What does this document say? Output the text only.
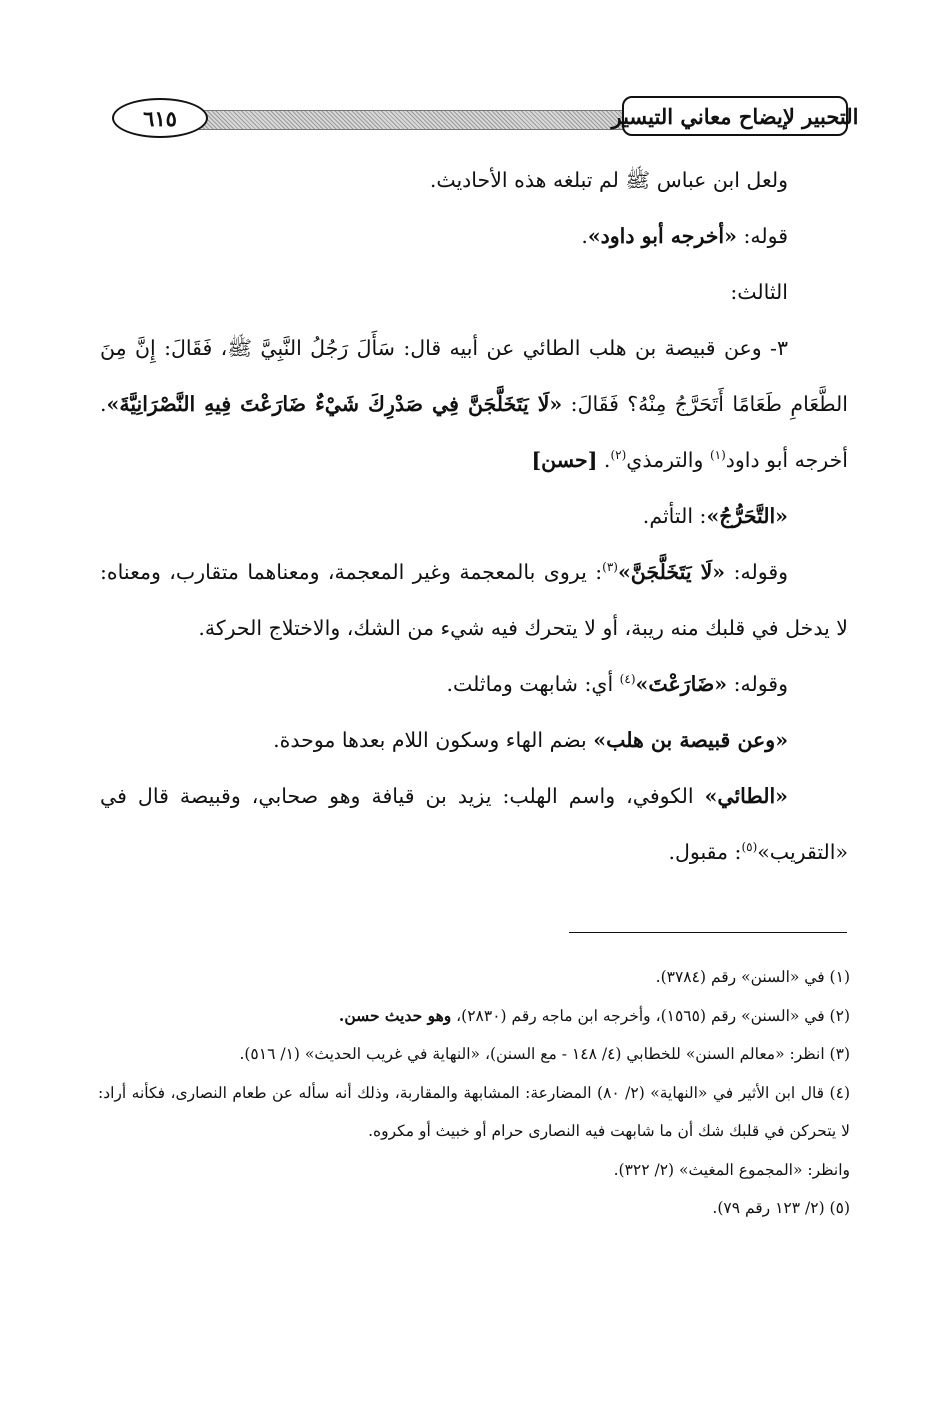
٦١٥	التحبير لإيضاح معاني التيسير

ولعل ابن عباس ﷺ لم تبلغه هذه الأحاديث.

قوله: «أخرجه أبو داود».

الثالث:

٣- وعن قبيصة بن هلب الطائي عن أبيه قال: سَأَلَ رَجُلُ النَّبِيَّ ﷺ، فَقَالَ: إِنَّ مِنَ الطَّعَامِ طَعَامًا أَتَحَرَّجُ مِنْهُ؟ فَقَالَ: «لَا يَتَخَلَّجَنَّ فِي صَدْرِكَ شَيْءٌ ضَارَعْتَ فِيهِ النَّصْرَانِيَّةَ». أخرجه أبو داود$^{(١)}$ والترمذي$^{(٢)}$. [حسن]

«التَّحَرُّجُ»: التأثم.

وقوله: «لَا يَتَخَلَّجَنَّ»$^{(٣)}$: يروى بالمعجمة وغير المعجمة، ومعناهما متقارب، ومعناه: لا يدخل في قلبك منه ريبة، أو لا يتحرك فيه شيء من الشك، والاختلاج الحركة.

وقوله: «ضَارَعْتَ»$^{(٤)}$ أي: شابهت وماثلت.

«وعن قبيصة بن هلب» بضم الهاء وسكون اللام بعدها موحدة.

«الطائي» الكوفي، واسم الهلب: يزيد بن قيافة وهو صحابي، وقبيصة قال في «التقريب»$^{(٥)}$: مقبول.

(١) في «السنن» رقم (٣٧٨٤).

(٢) في «السنن» رقم (١٥٦٥)، وأخرجه ابن ماجه رقم (٢٨٣٠)، وهو حديث حسن.

(٣) انظر: «معالم السنن» للخطابي (٤/ ١٤٨ - مع السنن)، «النهاية في غريب الحديث» (١/ ٥١٦).

(٤) قال ابن الأثير في «النهاية» (٢/ ٨٠) المضارعة: المشابهة والمقاربة، وذلك أنه سأله عن طعام النصارى، فكأنه أراد: لا يتحركن في قلبك شك أن ما شابهت فيه النصارى حرام أو خبيث أو مكروه.

وانظر: «المجموع المغيث» (٢/ ٣٢٢).

(٥) (٢/ ١٢٣ رقم ٧٩).
